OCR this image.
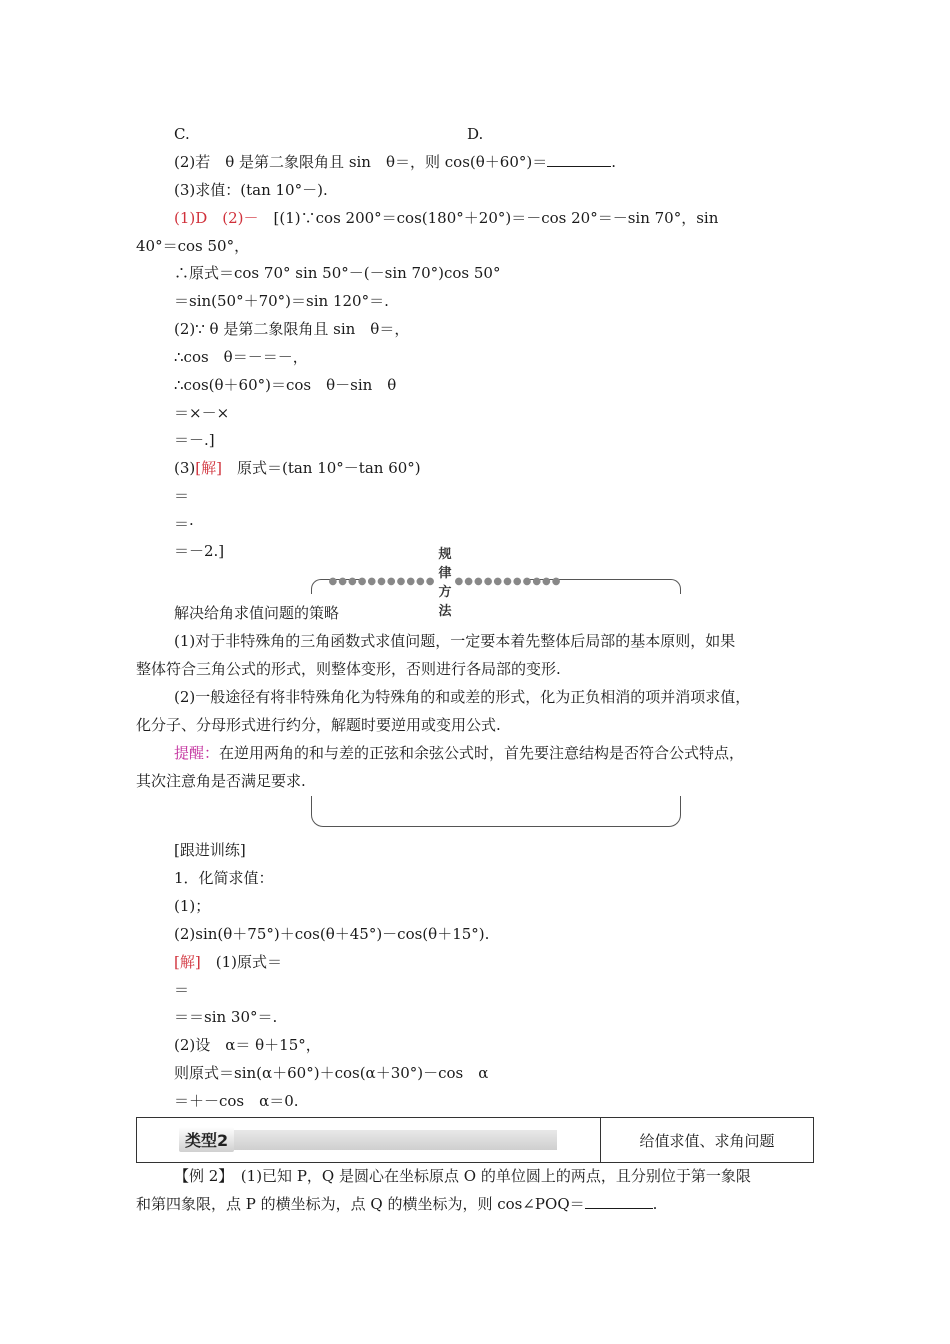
C.	D.
(2)若　θ 是第二象限角且 sin　θ＝，则 cos(θ＋60°)＝	.
(3)求值：(tan 10°－).
(1)D　(2)－　[(1)∵cos 200°＝cos(180°＋20°)＝－cos 20°＝－sin 70°，sin
40°＝cos 50°，
∴原式＝cos 70° sin 50°－(－sin 70°)cos 50°
＝sin(50°＋70°)＝sin 120°＝.
(2)∵ θ 是第二象限角且 sin　θ＝，
∴cos　θ＝－＝－，
∴cos(θ＋60°)＝cos　θ－sin　θ
＝×－×
＝－.]
(3)[解]　原式＝(tan 10°－tan 60°)
＝
＝·
＝－2.]
●●●●●●●●●●●
规律方法
●●●●●●●●●●●
解决给角求值问题的策略
(1)对于非特殊角的三角函数式求值问题，一定要本着先整体后局部的基本原则，如果
整体符合三角公式的形式，则整体变形，否则进行各局部的变形.
(2)一般途径有将非特殊角化为特殊角的和或差的形式，化为正负相消的项并消项求值，
化分子、分母形式进行约分，解题时要逆用或变用公式.
提醒：在逆用两角的和与差的正弦和余弦公式时，首先要注意结构是否符合公式特点，
其次注意角是否满足要求.
[跟进训练]
1．化简求值：
(1)；
(2)sin(θ＋75°)＋cos(θ＋45°)－cos(θ＋15°).
[解]　(1)原式＝
＝
＝＝sin 30°＝.
(2)设　α＝ θ＋15°，
则原式＝sin(α＋60°)＋cos(α＋30°)－cos　α
＝＋－cos　α＝0.
类型2	给值求值、求角问题
【例 2】　(1)已知 P，Q 是圆心在坐标原点 O 的单位圆上的两点，且分别位于第一象限
和第四象限，点 P 的横坐标为，点 Q 的横坐标为，则 cos∠POQ＝	.
